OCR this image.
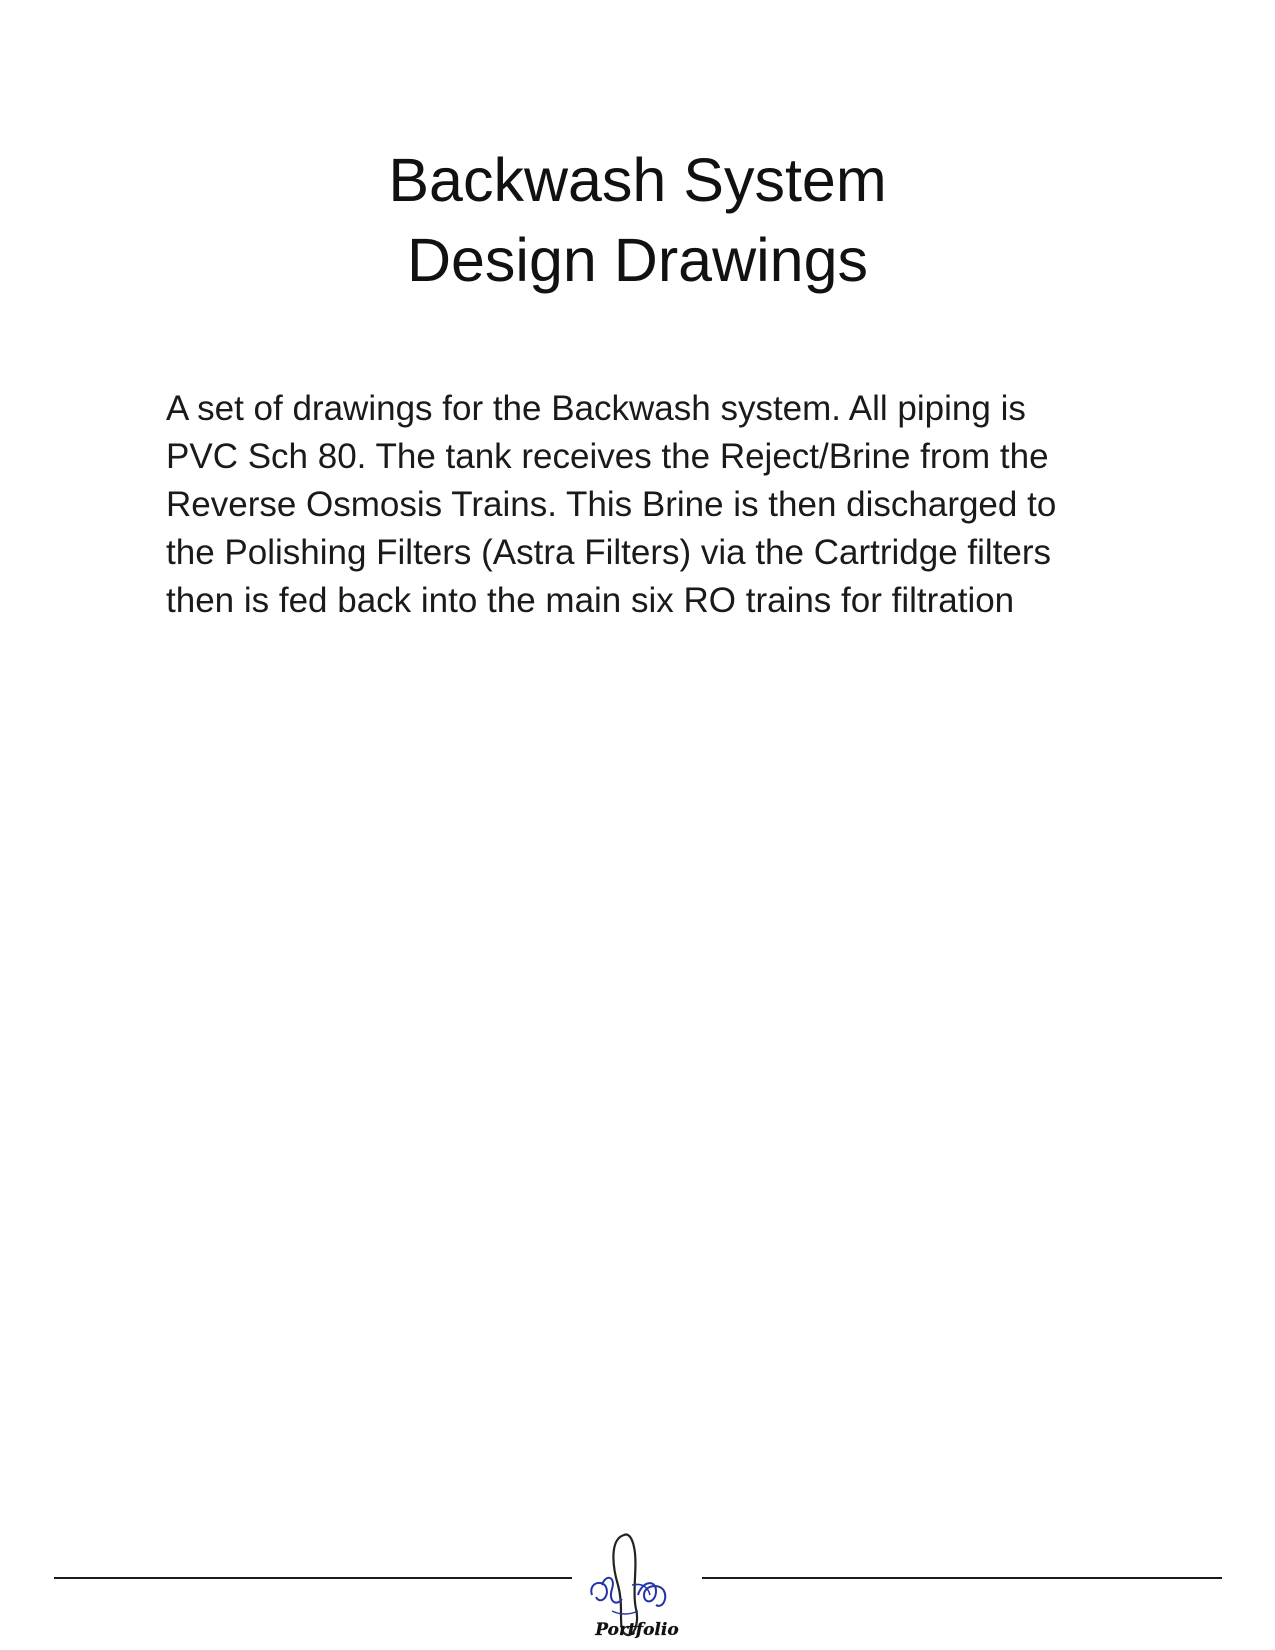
Backwash System
Design Drawings

A set of drawings for the Backwash system. All piping is
PVC Sch 80. The tank receives the Reject/Brine from the
Reverse Osmosis Trains. This Brine is then discharged to
the Polishing Filters (Astra Filters) via the Cartridge filters
then is fed back into the main six RO trains for filtration

Portfolio
